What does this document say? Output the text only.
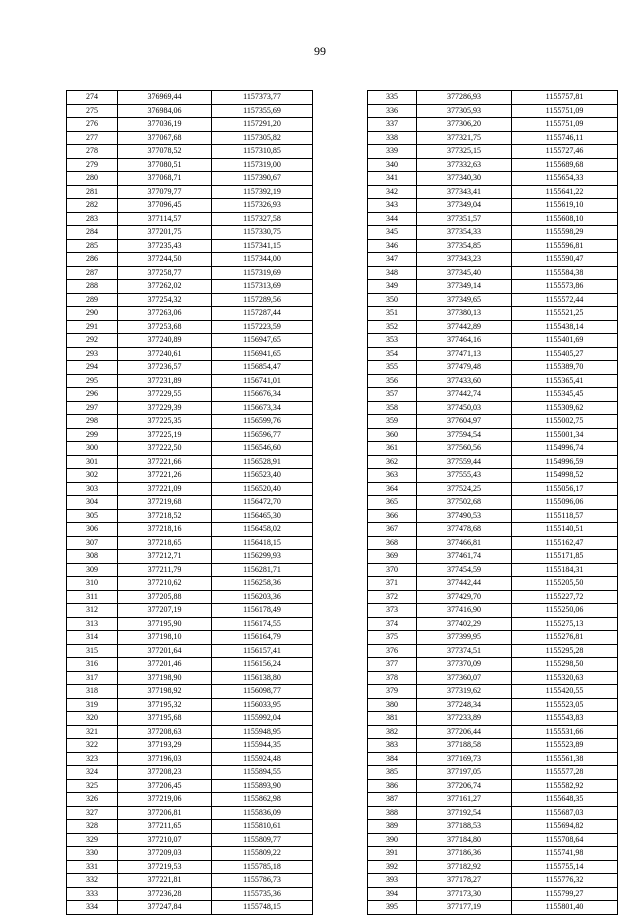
99
274	376969,44	1157373,77
275	376984,06	1157355,69
276	377036,19	1157291,20
277	377067,68	1157305,82
278	377078,52	1157310,85
279	377080,51	1157319,00
280	377068,71	1157390,67
281	377079,77	1157392,19
282	377096,45	1157326,93
283	377114,57	1157327,58
284	377201,75	1157330,75
285	377235,43	1157341,15
286	377244,50	1157344,00
287	377258,77	1157319,69
288	377262,02	1157313,69
289	377254,32	1157289,56
290	377263,06	1157287,44
291	377253,68	1157223,59
292	377240,89	1156947,65
293	377240,61	1156941,65
294	377236,57	1156854,47
295	377231,89	1156741,01
296	377229,55	1156676,34
297	377229,39	1156673,34
298	377225,35	1156599,76
299	377225,19	1156596,77
300	377222,50	1156546,60
301	377221,66	1156528,91
302	377221,26	1156523,40
303	377221,09	1156520,40
304	377219,68	1156472,70
305	377218,52	1156465,30
306	377218,16	1156458,02
307	377218,65	1156418,15
308	377212,71	1156299,93
309	377211,79	1156281,71
310	377210,62	1156258,36
311	377205,88	1156203,36
312	377207,19	1156178,49
313	377195,90	1156174,55
314	377198,10	1156164,79
315	377201,64	1156157,41
316	377201,46	1156156,24
317	377198,90	1156138,80
318	377198,92	1156098,77
319	377195,32	1156033,95
320	377195,68	1155992,04
321	377208,63	1155948,95
322	377193,29	1155944,35
323	377196,03	1155924,48
324	377208,23	1155894,55
325	377206,45	1155893,90
326	377219,06	1155862,98
327	377206,81	1155836,09
328	377211,65	1155810,61
329	377210,07	1155809,77
330	377209,03	1155809,22
331	377219,53	1155785,18
332	377221,81	1155786,73
333	377236,28	1155735,36
334	377247,84	1155748,15
335	377286,93	1155757,81
336	377305,93	1155751,09
337	377306,20	1155751,09
338	377321,75	1155746,11
339	377325,15	1155727,46
340	377332,63	1155689,68
341	377340,30	1155654,33
342	377343,41	1155641,22
343	377349,04	1155619,10
344	377351,57	1155608,10
345	377354,33	1155598,29
346	377354,85	1155596,81
347	377343,23	1155590,47
348	377345,40	1155584,38
349	377349,14	1155573,86
350	377349,65	1155572,44
351	377380,13	1155521,25
352	377442,89	1155438,14
353	377464,16	1155401,69
354	377471,13	1155405,27
355	377479,48	1155389,70
356	377433,60	1155365,41
357	377442,74	1155345,45
358	377450,03	1155309,62
359	377604,97	1155002,75
360	377594,54	1155001,34
361	377560,56	1154996,74
362	377559,44	1154996,59
363	377555,43	1154998,52
364	377524,25	1155056,17
365	377502,68	1155096,06
366	377490,53	1155118,57
367	377478,68	1155140,51
368	377466,81	1155162,47
369	377461,74	1155171,85
370	377454,59	1155184,31
371	377442,44	1155205,50
372	377429,70	1155227,72
373	377416,90	1155250,06
374	377402,29	1155275,13
375	377399,95	1155276,81
376	377374,51	1155295,28
377	377370,09	1155298,50
378	377360,07	1155320,63
379	377319,62	1155420,55
380	377248,34	1155523,05
381	377233,89	1155543,83
382	377206,44	1155531,66
383	377188,58	1155523,89
384	377169,73	1155561,38
385	377197,05	1155577,28
386	377206,74	1155582,92
387	377161,27	1155648,35
388	377192,54	1155687,03
389	377188,53	1155694,82
390	377184,80	1155708,64
391	377186,36	1155741,98
392	377182,92	1155755,14
393	377178,27	1155776,32
394	377173,30	1155799,27
395	377177,19	1155801,40
